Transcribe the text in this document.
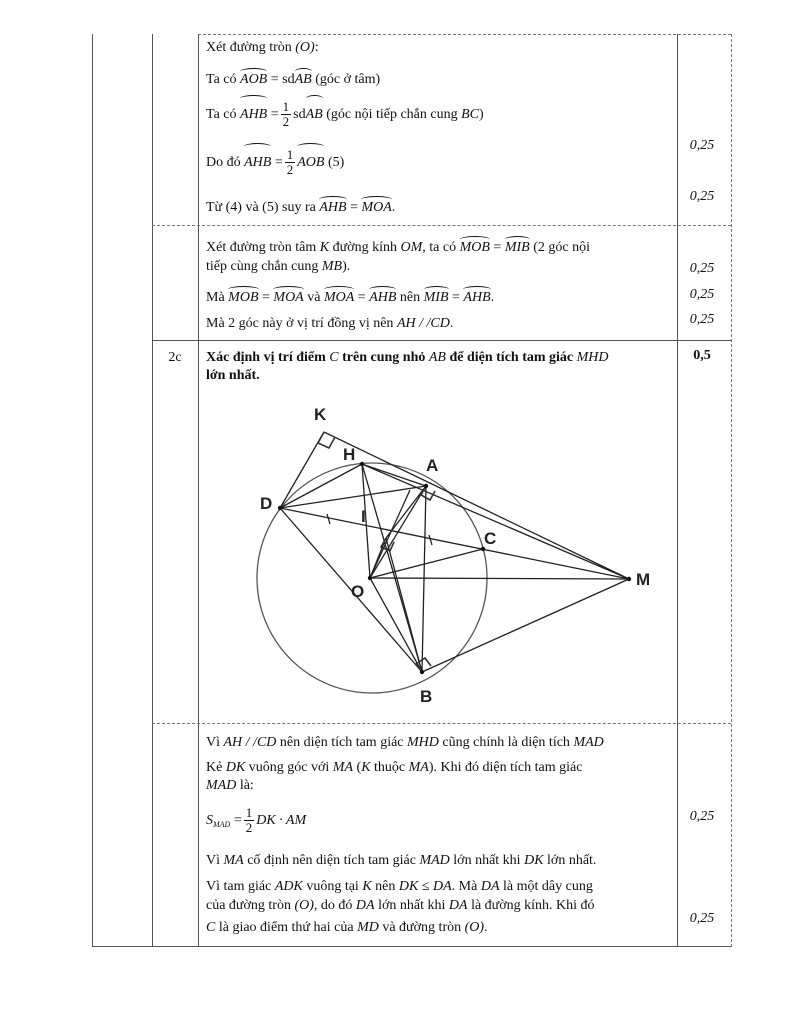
Xét đường tròn (O):
Ta có AOB = sdAB (góc ở tâm)
Ta có AHB = $\frac{1}{2}$ sdAB (góc nội tiếp chắn cung BC)
Do đó AHB = $\frac{1}{2}$ AOB (5)
Từ (4) và (5) suy ra AHB = MOA.
Xét đường tròn tâm K đường kính OM, ta có MOB = MIB (2 góc nội
tiếp cùng chắn cung MB).
Mà MOB = MOA và MOA = AHB nên MIB = AHB.
Mà 2 góc này ở vị trí đồng vị nên AH / /CD.
2c	Xác định vị trí điểm C trên cung nhỏ AB để diện tích tam giác MHD
lớn nhất.
K
H
A
D
I
C
O
M
B
Vì AH / /CD nên diện tích tam giác MHD cũng chính là diện tích MAD
Kẻ DK vuông góc với MA (K thuộc MA). Khi đó diện tích tam giác
MAD là:
$S_{MAD} = \frac{1}{2}$ DK · AM
Vì MA cố định nên diện tích tam giác MAD lớn nhất khi DK lớn nhất.
Vì tam giác ADK vuông tại K nên DK ≤ DA. Mà DA là một dây cung
của đường tròn (O), do đó DA lớn nhất khi DA là đường kính. Khi đó
C là giao điểm thứ hai của MD và đường tròn (O).
0,25
0,25
0,25
0,25
0,25
0,5
0,25
0,25
